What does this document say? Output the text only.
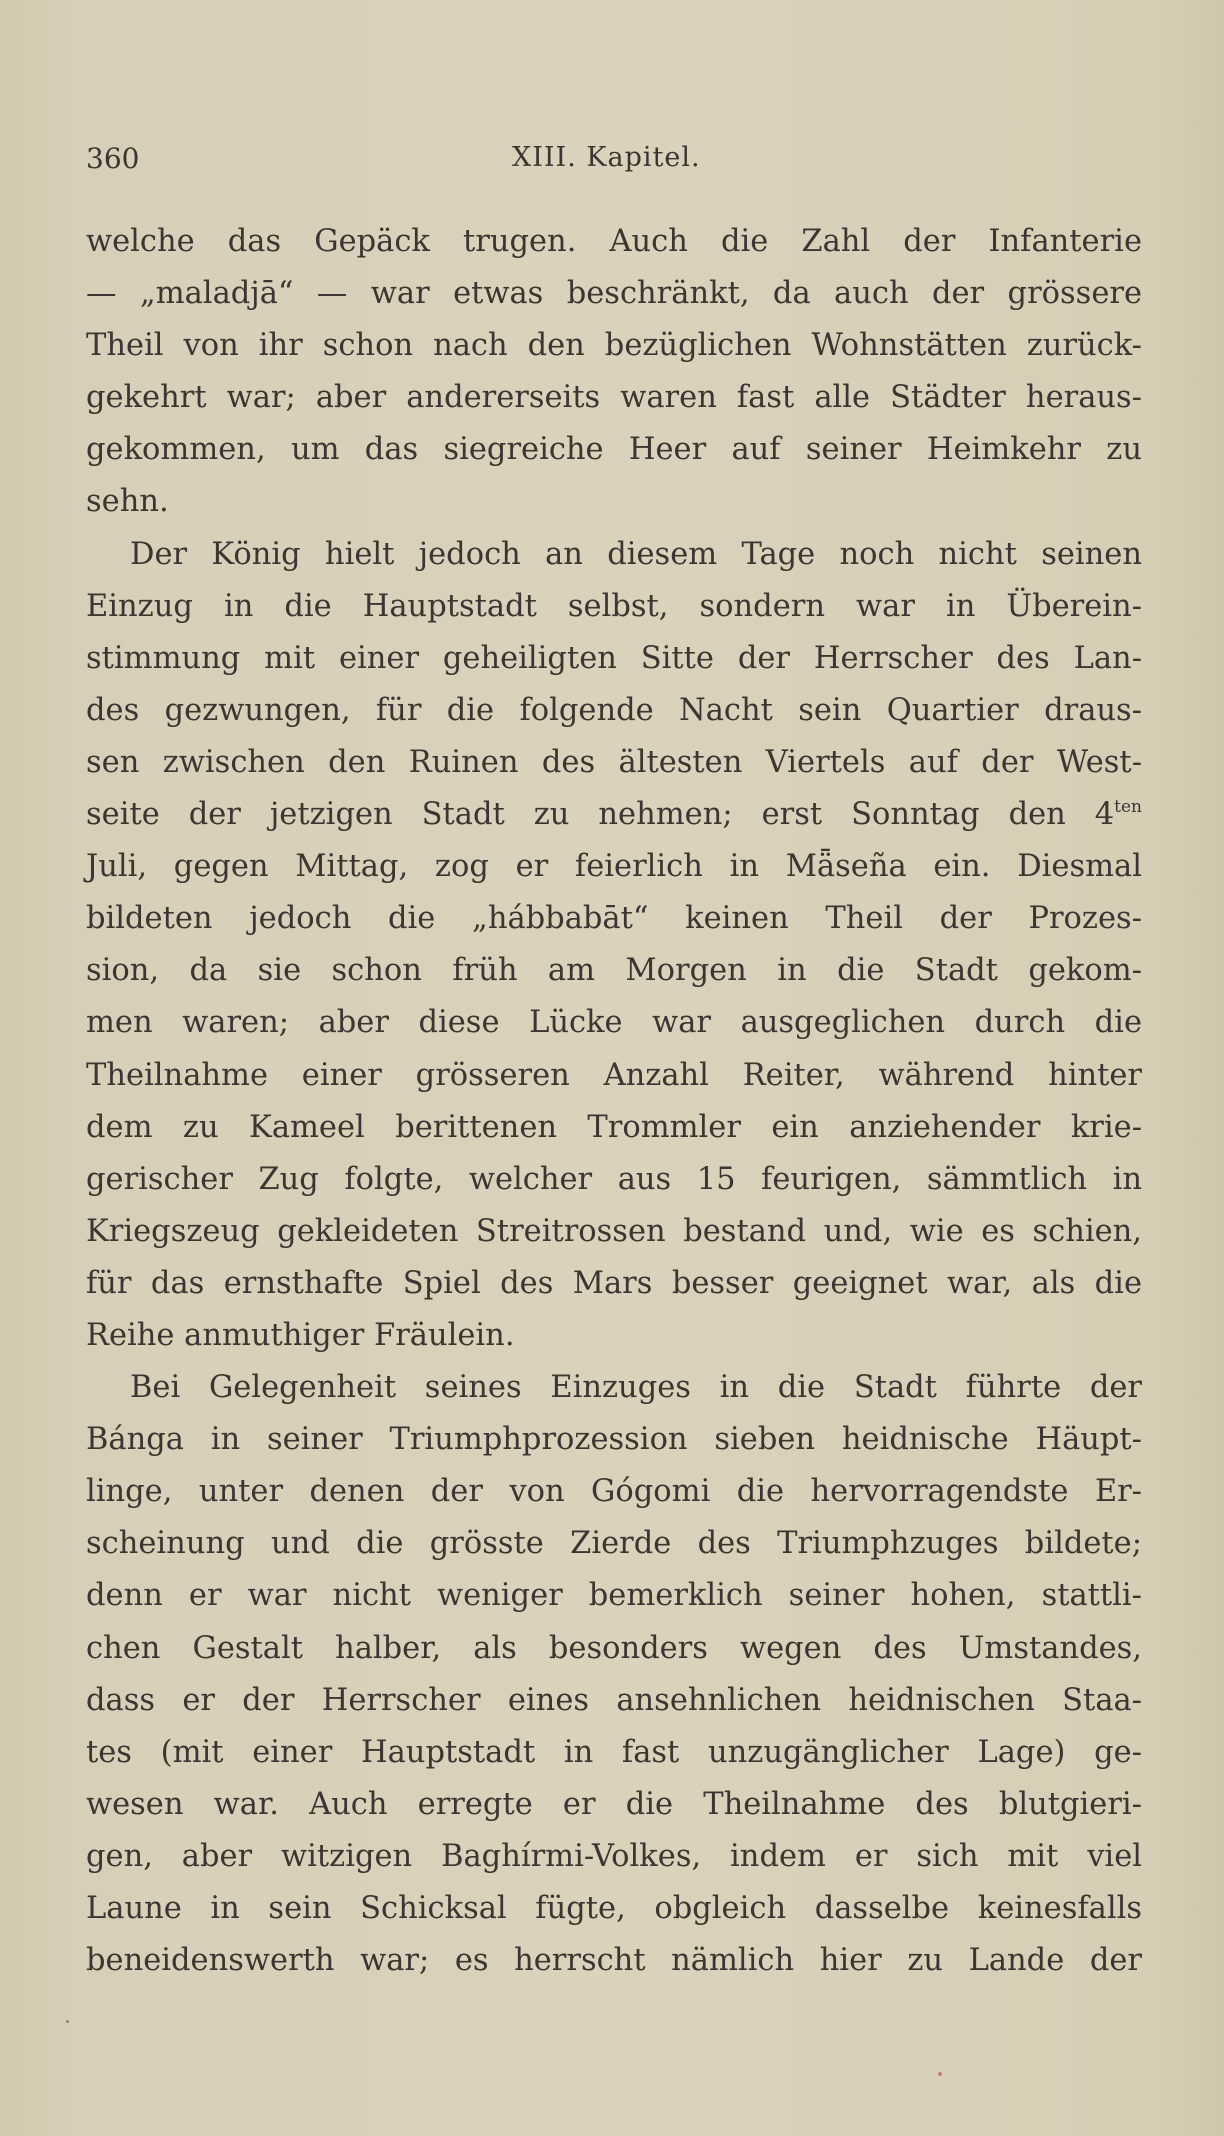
360	XIII. Kapitel.
welche das Gepäck trugen. Auch die Zahl der Infanterie
— „maladjā“ — war etwas beschränkt, da auch der grössere
Theil von ihr schon nach den bezüglichen Wohnstätten zurück-
gekehrt war; aber andererseits waren fast alle Städter heraus-
gekommen, um das siegreiche Heer auf seiner Heimkehr zu
sehn.
Der König hielt jedoch an diesem Tage noch nicht seinen
Einzug in die Hauptstadt selbst, sondern war in Überein-
stimmung mit einer geheiligten Sitte der Herrscher des Lan-
des gezwungen, für die folgende Nacht sein Quartier draus-
sen zwischen den Ruinen des ältesten Viertels auf der West-
seite der jetzigen Stadt zu nehmen; erst Sonntag den $4^{ten}$
Juli, gegen Mittag, zog er feierlich in Mǟseña ein. Diesmal
bildeten jedoch die „hábbabāt“ keinen Theil der Prozes-
sion, da sie schon früh am Morgen in die Stadt gekom-
men waren; aber diese Lücke war ausgeglichen durch die
Theilnahme einer grösseren Anzahl Reiter, während hinter
dem zu Kameel berittenen Trommler ein anziehender krie-
gerischer Zug folgte, welcher aus 15 feurigen, sämmtlich in
Kriegszeug gekleideten Streitrossen bestand und, wie es schien,
für das ernsthafte Spiel des Mars besser geeignet war, als die
Reihe anmuthiger Fräulein.
Bei Gelegenheit seines Einzuges in die Stadt führte der
Bánga in seiner Triumphprozession sieben heidnische Häupt-
linge, unter denen der von Gógomi die hervorragendste Er-
scheinung und die grösste Zierde des Triumphzuges bildete;
denn er war nicht weniger bemerklich seiner hohen, stattli-
chen Gestalt halber, als besonders wegen des Umstandes,
dass er der Herrscher eines ansehnlichen heidnischen Staa-
tes (mit einer Hauptstadt in fast unzugänglicher Lage) ge-
wesen war. Auch erregte er die Theilnahme des blutgieri-
gen, aber witzigen Baghírmi-Volkes, indem er sich mit viel
Laune in sein Schicksal fügte, obgleich dasselbe keinesfalls
beneidenswerth war; es herrscht nämlich hier zu Lande der
